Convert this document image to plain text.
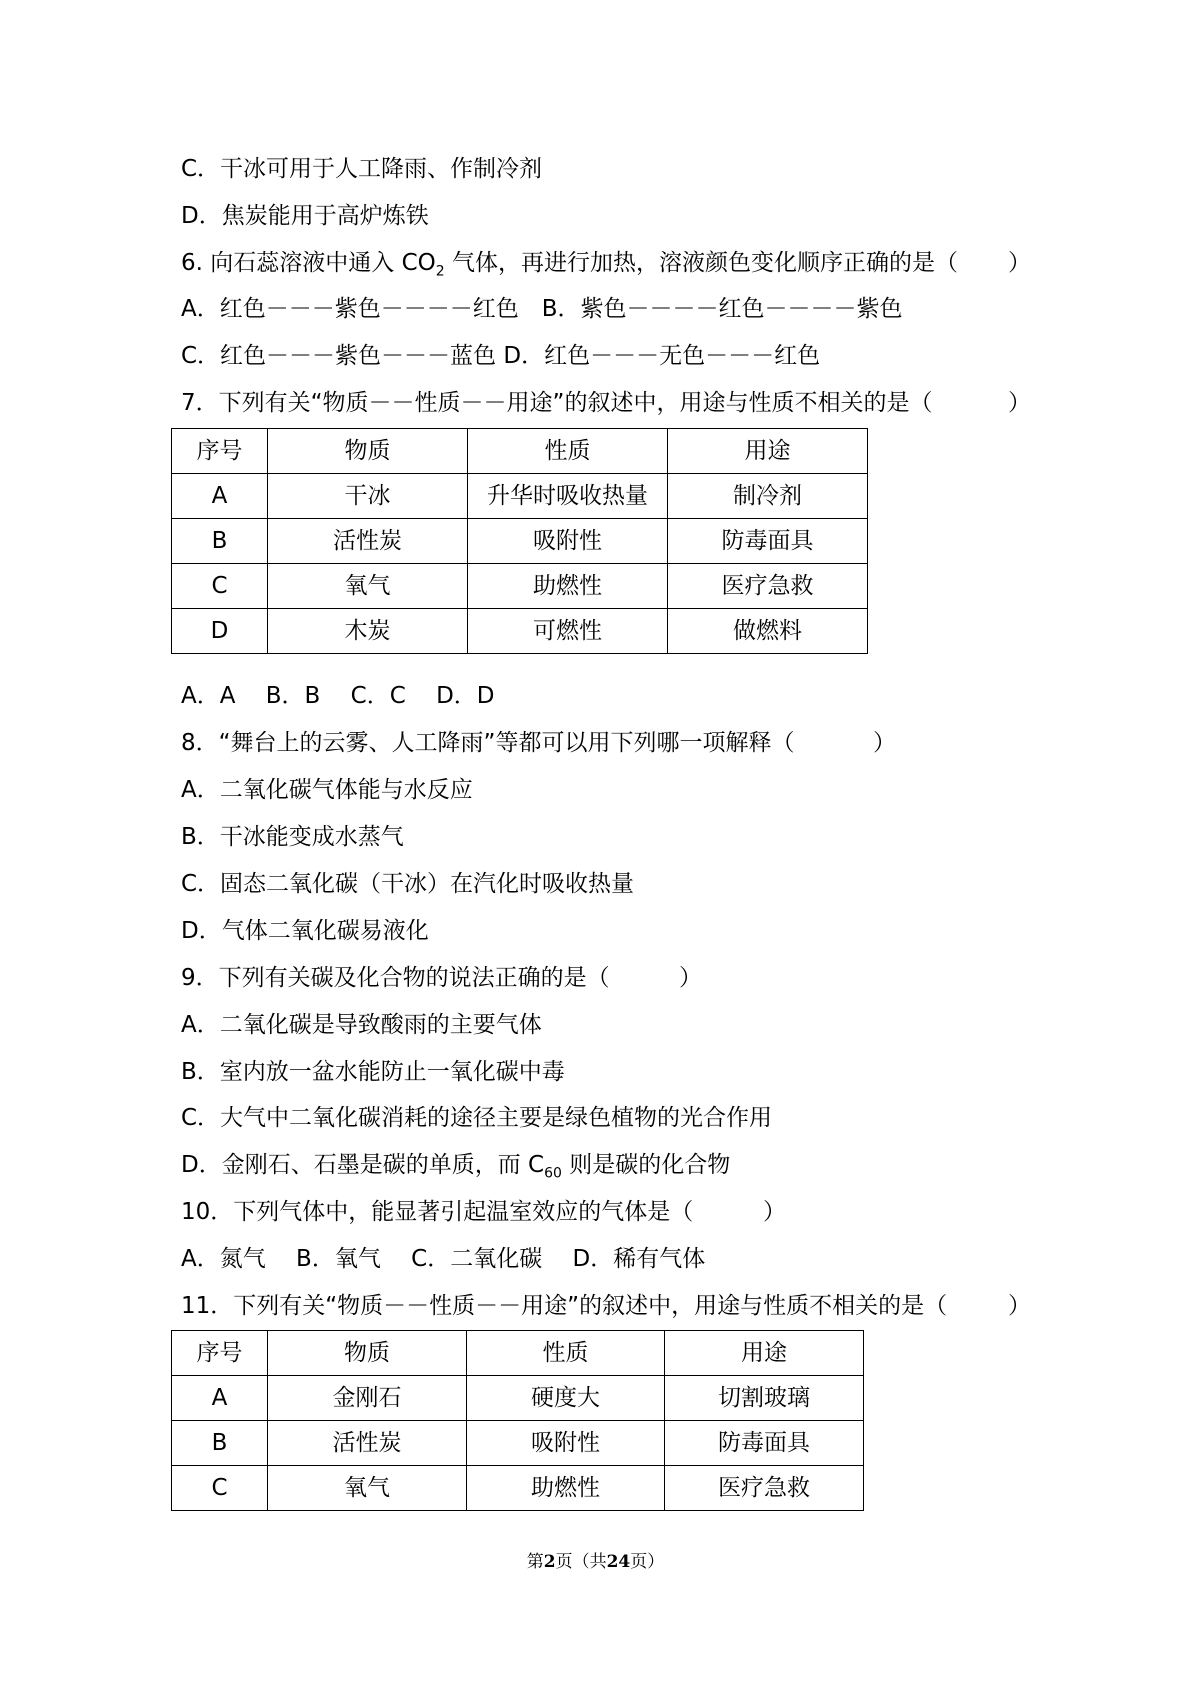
C．干冰可用于人工降雨、作制冷剂
D．焦炭能用于高炉炼铁
6. 向石蕊溶液中通入 $CO_2$ 气体，再进行加热，溶液颜色变化顺序正确的是（ ）
A．红色－－－紫色－－－－红色　B．紫色－－－－红色－－－－紫色
C．红色－－－紫色－－－蓝色 D．红色－－－无色－－－红色
7．下列有关“物质－－性质－－用途”的叙述中，用途与性质不相关的是（	）
序号	物质	性质	用途
A	干冰	升华时吸收热量	制冷剂
B	活性炭	吸附性	防毒面具
C	氧气	助燃性	医疗急救
D	木炭	可燃性	做燃料
A．A　 B．B　 C．C　 D．D
8．“舞台上的云雾、人工降雨”等都可以用下列哪一项解释（	）
A．二氧化碳气体能与水反应
B．干冰能变成水蒸气
C．固态二氧化碳（干冰）在汽化时吸收热量
D．气体二氧化碳易液化
9．下列有关碳及化合物的说法正确的是（	）
A．二氧化碳是导致酸雨的主要气体
B．室内放一盆水能防止一氧化碳中毒
C．大气中二氧化碳消耗的途径主要是绿色植物的光合作用
D．金刚石、石墨是碳的单质，而 $C_{60}$ 则是碳的化合物
10．下列气体中，能显著引起温室效应的气体是（	）
A．氮气　 B．氧气　 C．二氧化碳　 D．稀有气体
11．下列有关“物质－－性质－－用途”的叙述中，用途与性质不相关的是（	）
序号	物质	性质	用途
A	金刚石	硬度大	切割玻璃
B	活性炭	吸附性	防毒面具
C	氧气	助燃性	医疗急救
第2页（共24页）
